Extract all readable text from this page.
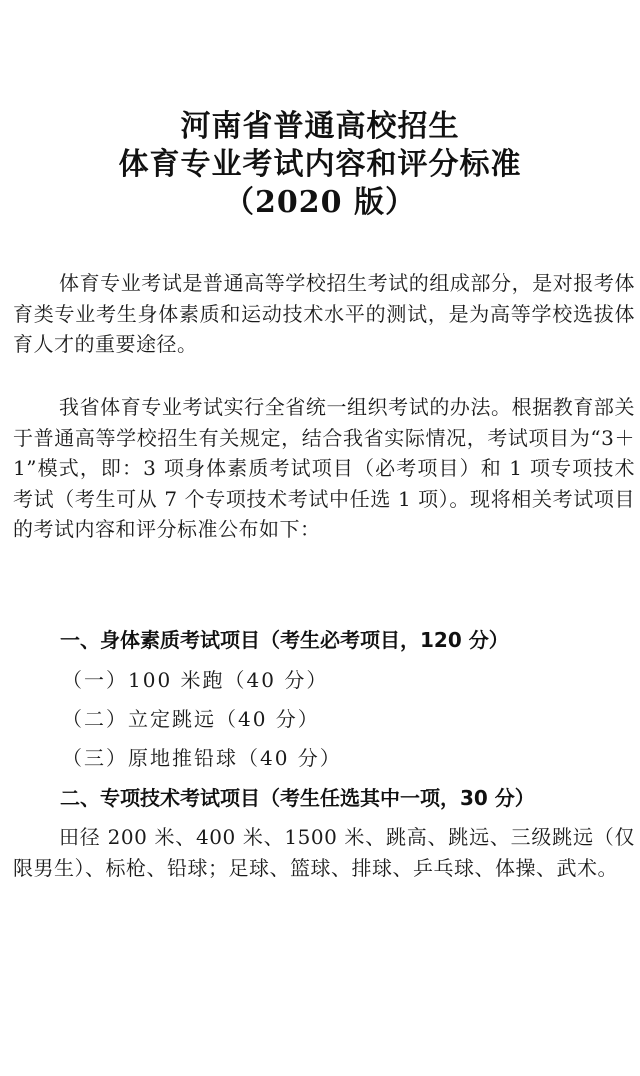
河南省普通高校招生
体育专业考试内容和评分标准
（2020 版）
体育专业考试是普通高等学校招生考试的组成部分，是对报考体育类专业考生身体素质和运动技术水平的测试，是为高等学校选拔体育人才的重要途径。
我省体育专业考试实行全省统一组织考试的办法。根据教育部关于普通高等学校招生有关规定，结合我省实际情况，考试项目为“3＋1”模式，即：3 项身体素质考试项目（必考项目）和 1 项专项技术考试（考生可从 7 个专项技术考试中任选 1 项）。现将相关考试项目的考试内容和评分标准公布如下：
一、身体素质考试项目（考生必考项目，120 分）
（一）100 米跑（40 分）
（二）立定跳远（40 分）
（三）原地推铅球（40 分）
二、专项技术考试项目（考生任选其中一项，30 分）
田径 200 米、400 米、1500 米、跳高、跳远、三级跳远（仅限男生）、标枪、铅球；足球、篮球、排球、乒乓球、体操、武术。
